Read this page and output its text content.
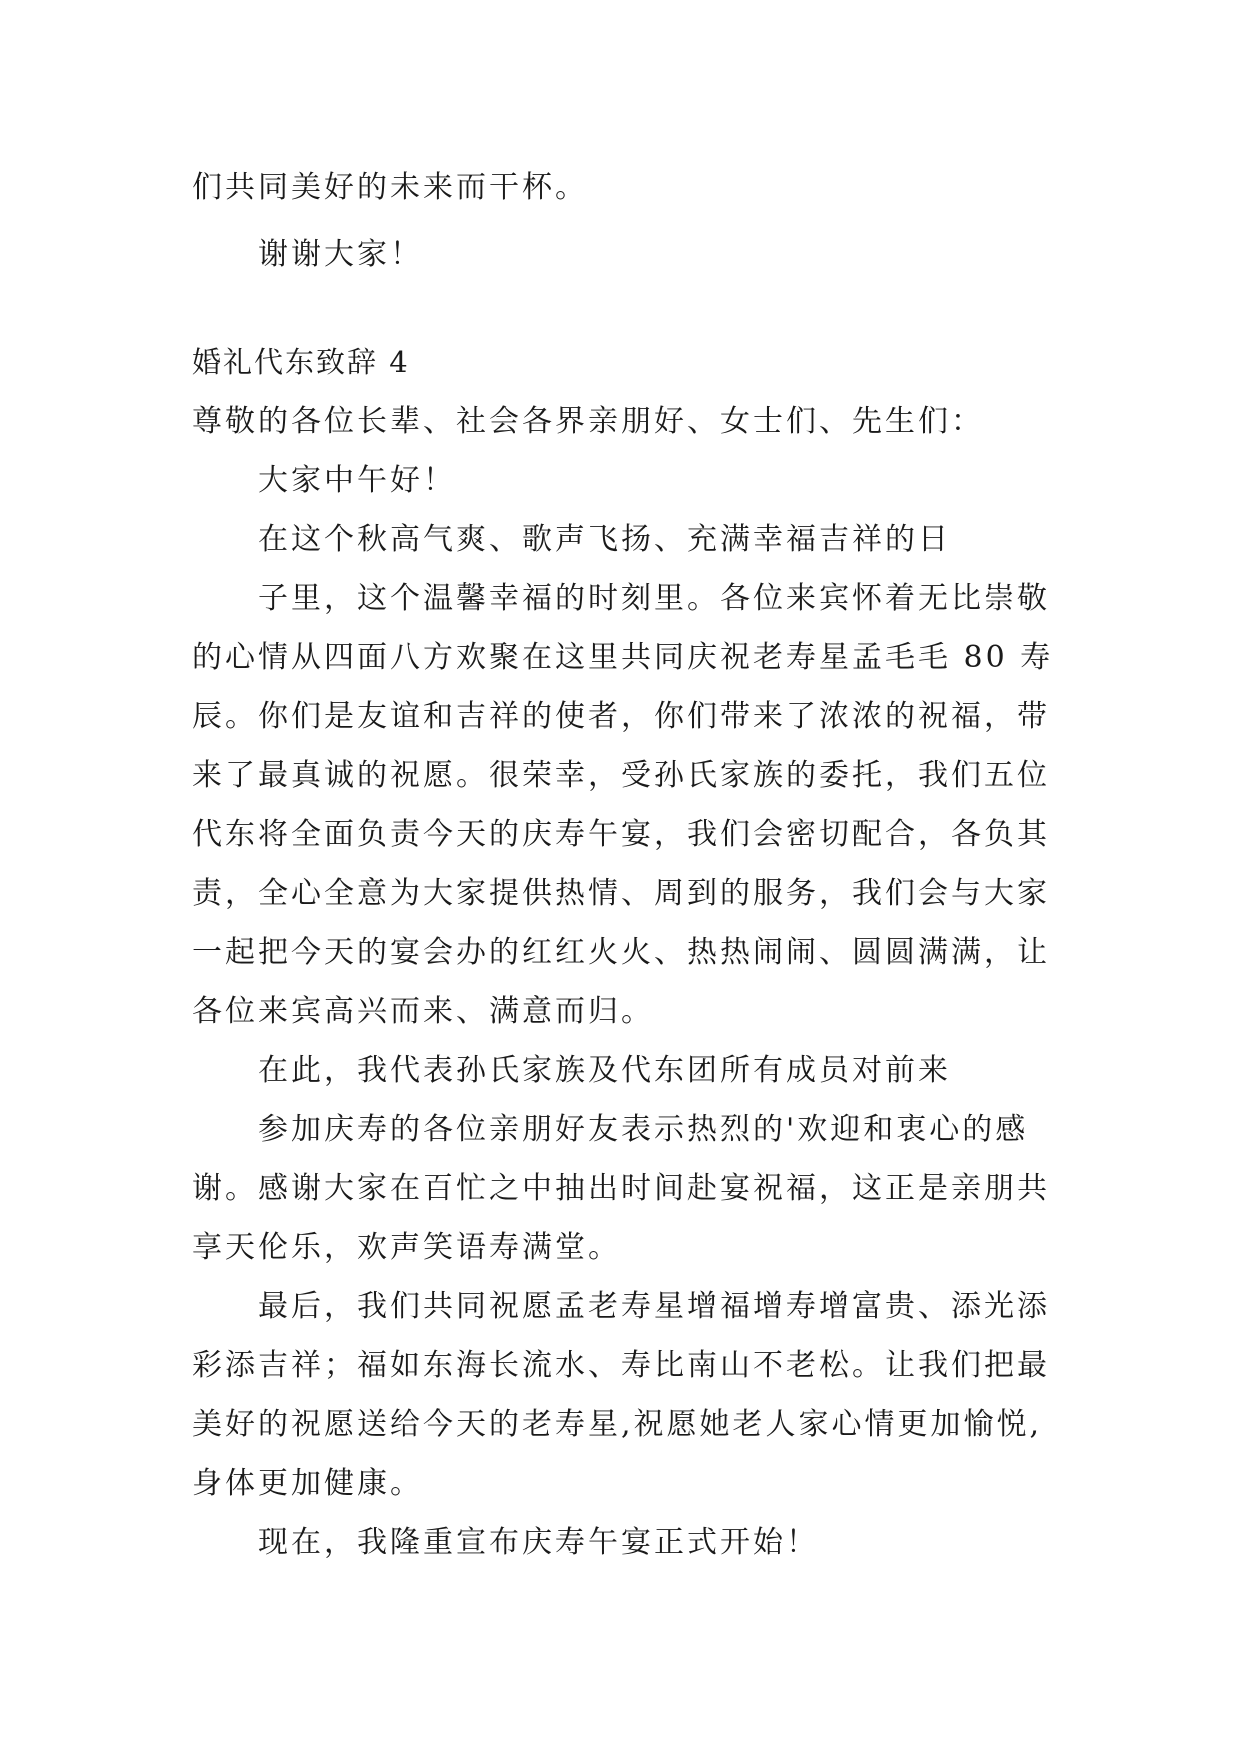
们共同美好的未来而干杯。
谢谢大家！
婚礼代东致辞 4
尊敬的各位长辈、社会各界亲朋好、女士们、先生们：
大家中午好！
在这个秋高气爽、歌声飞扬、充满幸福吉祥的日
子里，这个温馨幸福的时刻里。各位来宾怀着无比崇敬
的心情从四面八方欢聚在这里共同庆祝老寿星孟毛毛 80 寿
辰。你们是友谊和吉祥的使者，你们带来了浓浓的祝福，带
来了最真诚的祝愿。很荣幸，受孙氏家族的委托，我们五位
代东将全面负责今天的庆寿午宴，我们会密切配合，各负其
责，全心全意为大家提供热情、周到的服务，我们会与大家
一起把今天的宴会办的红红火火、热热闹闹、圆圆满满，让
各位来宾高兴而来、满意而归。
在此，我代表孙氏家族及代东团所有成员对前来
参加庆寿的各位亲朋好友表示热烈的'欢迎和衷心的感
谢。感谢大家在百忙之中抽出时间赴宴祝福，这正是亲朋共
享天伦乐，欢声笑语寿满堂。
最后，我们共同祝愿孟老寿星增福增寿增富贵、添光添
彩添吉祥；福如东海长流水、寿比南山不老松。让我们把最
美好的祝愿送给今天的老寿星,祝愿她老人家心情更加愉悦,
身体更加健康。
现在，我隆重宣布庆寿午宴正式开始！
